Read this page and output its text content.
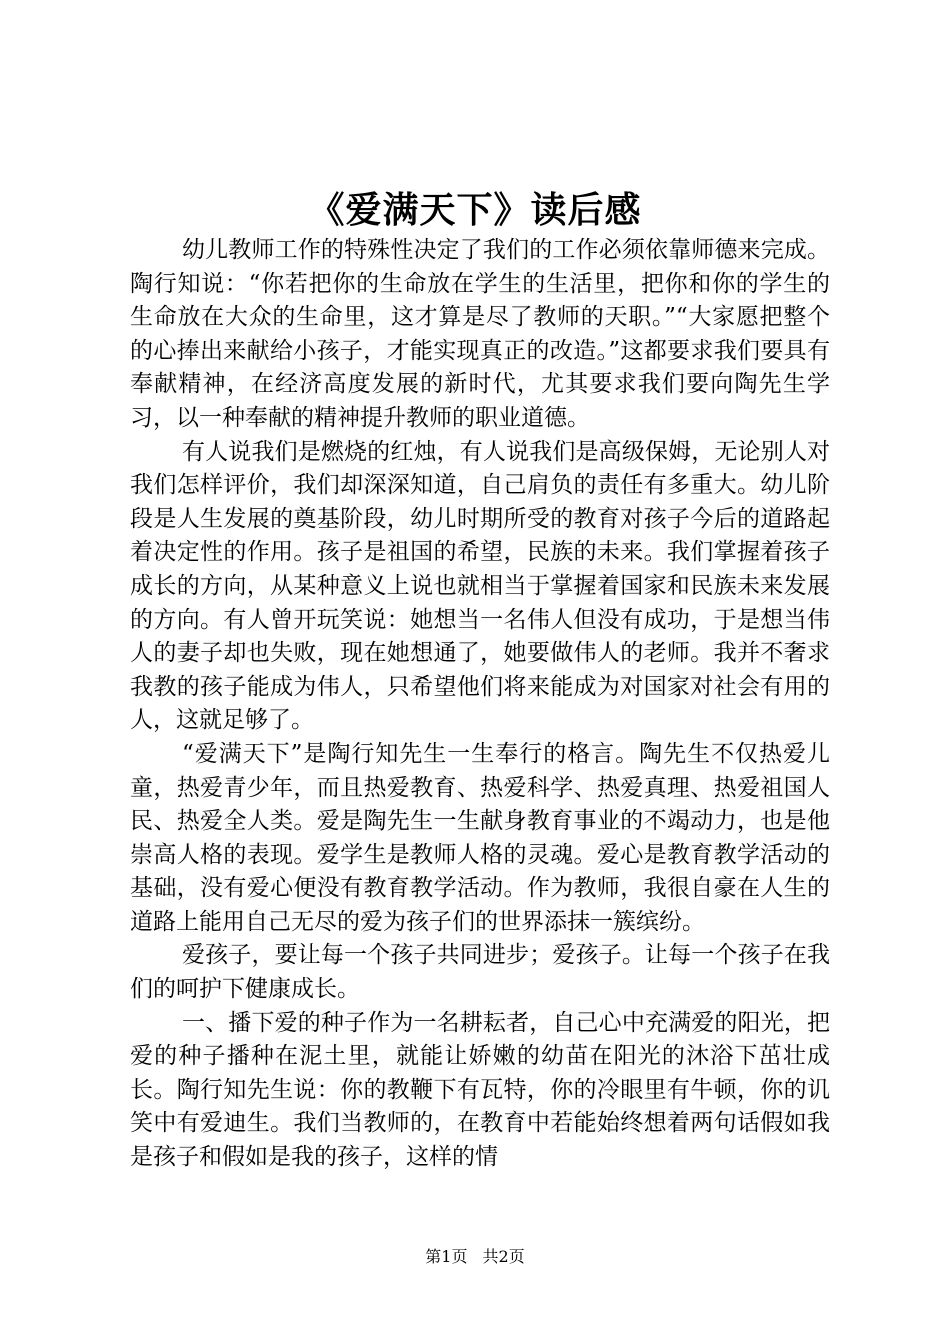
《爱满天下》读后感

幼儿教师工作的特殊性决定了我们的工作必须依靠师德来完成。陶行知说：“你若把你的生命放在学生的生活里，把你和你的学生的生命放在大众的生命里，这才算是尽了教师的天职。”“大家愿把整个的心捧出来献给小孩子，才能实现真正的改造。”这都要求我们要具有奉献精神，在经济高度发展的新时代，尤其要求我们要向陶先生学习，以一种奉献的精神提升教师的职业道德。

有人说我们是燃烧的红烛，有人说我们是高级保姆，无论别人对我们怎样评价，我们却深深知道，自己肩负的责任有多重大。幼儿阶段是人生发展的奠基阶段，幼儿时期所受的教育对孩子今后的道路起着决定性的作用。孩子是祖国的希望，民族的未来。我们掌握着孩子成长的方向，从某种意义上说也就相当于掌握着国家和民族未来发展的方向。有人曾开玩笑说：她想当一名伟人但没有成功，于是想当伟人的妻子却也失败，现在她想通了，她要做伟人的老师。我并不奢求我教的孩子能成为伟人，只希望他们将来能成为对国家对社会有用的人，这就足够了。

“爱满天下”是陶行知先生一生奉行的格言。陶先生不仅热爱儿童，热爱青少年，而且热爱教育、热爱科学、热爱真理、热爱祖国人民、热爱全人类。爱是陶先生一生献身教育事业的不竭动力，也是他崇高人格的表现。爱学生是教师人格的灵魂。爱心是教育教学活动的基础，没有爱心便没有教育教学活动。作为教师，我很自豪在人生的道路上能用自己无尽的爱为孩子们的世界添抹一簇缤纷。

爱孩子，要让每一个孩子共同进步；爱孩子。让每一个孩子在我们的呵护下健康成长。

一、播下爱的种子作为一名耕耘者，自己心中充满爱的阳光，把爱的种子播种在泥土里，就能让娇嫩的幼苗在阳光的沐浴下茁壮成长。陶行知先生说：你的教鞭下有瓦特，你的冷眼里有牛顿，你的讥笑中有爱迪生。我们当教师的，在教育中若能始终想着两句话假如我是孩子和假如是我的孩子，这样的情

第1页 共2页
